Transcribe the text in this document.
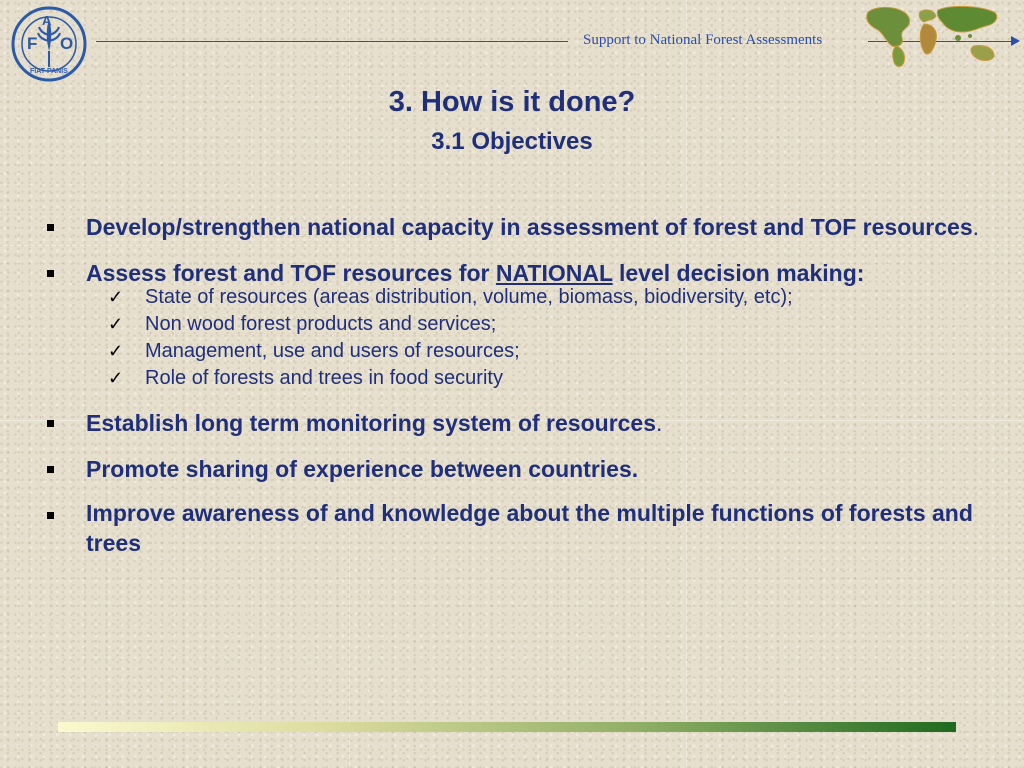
F
A
O
FIAT PANIS
Support to National Forest Assessments
3. How is it done?
3.1 Objectives
Develop/strengthen national capacity in assessment of forest and TOF resources.
Assess forest and TOF resources for NATIONAL level decision making:
✓ State of resources (areas distribution, volume, biomass, biodiversity, etc);
✓ Non wood forest products and services;
✓ Management, use and users of resources;
✓ Role of forests and trees in food security
Establish long term monitoring system of resources.
Promote sharing of experience between countries.
Improve awareness of and knowledge about the multiple functions of forests and trees
